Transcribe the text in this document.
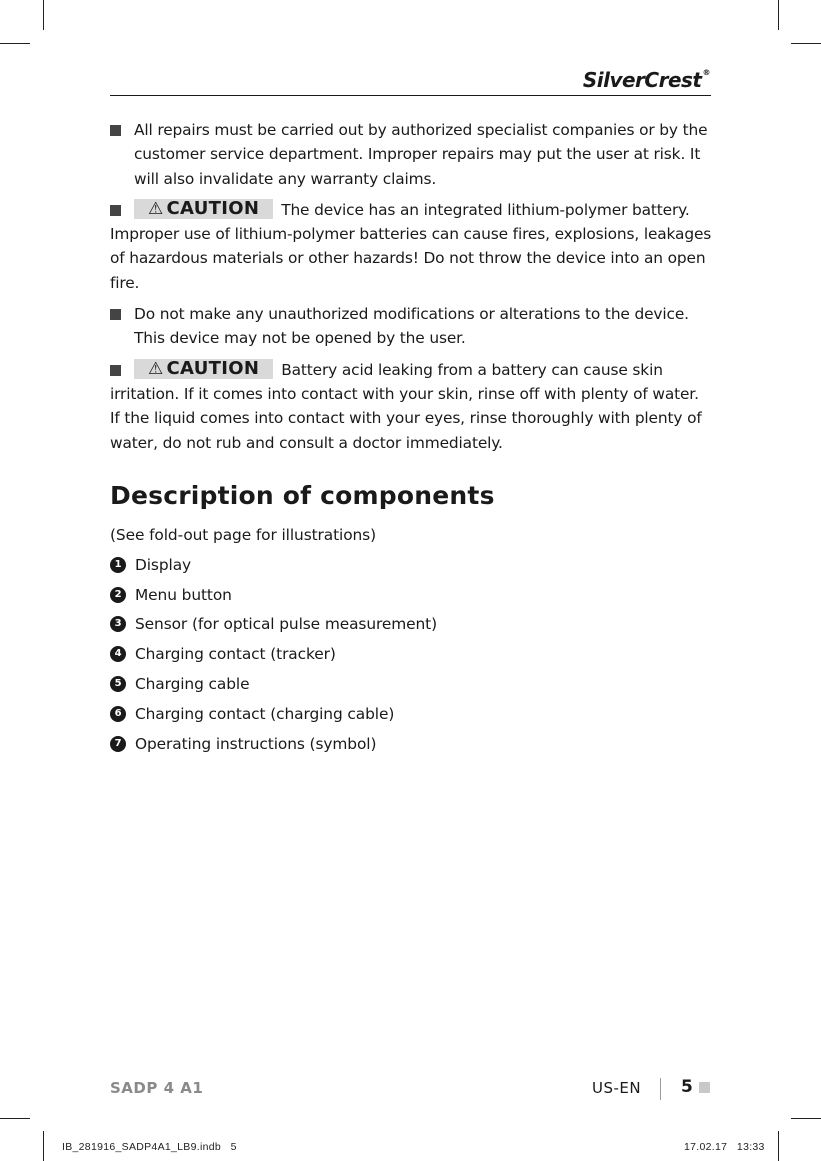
SilverCrest®
All repairs must be carried out by authorized specialist companies or by the customer service department. Improper repairs may put the user at risk. It will also invalidate any warranty claims.
⚠ CAUTION The device has an integrated lithium-polymer battery. Improper use of lithium-polymer batteries can cause fires, explosions, leakages of hazardous materials or other hazards! Do not throw the device into an open fire.
Do not make any unauthorized modifications or alterations to the device. This device may not be opened by the user.
⚠ CAUTION Battery acid leaking from a battery can cause skin irritation. If it comes into contact with your skin, rinse off with plenty of water. If the liquid comes into contact with your eyes, rinse thoroughly with plenty of water, do not rub and consult a doctor immediately.
Description of components
(See fold-out page for illustrations)
1 Display
2 Menu button
3 Sensor (for optical pulse measurement)
4 Charging contact (tracker)
5 Charging cable
6 Charging contact (charging cable)
7 Operating instructions (symbol)
SADP 4 A1	US-EN 5
IB_281916_SADP4A1_LB9.indb   5	17.02.17   13:33
